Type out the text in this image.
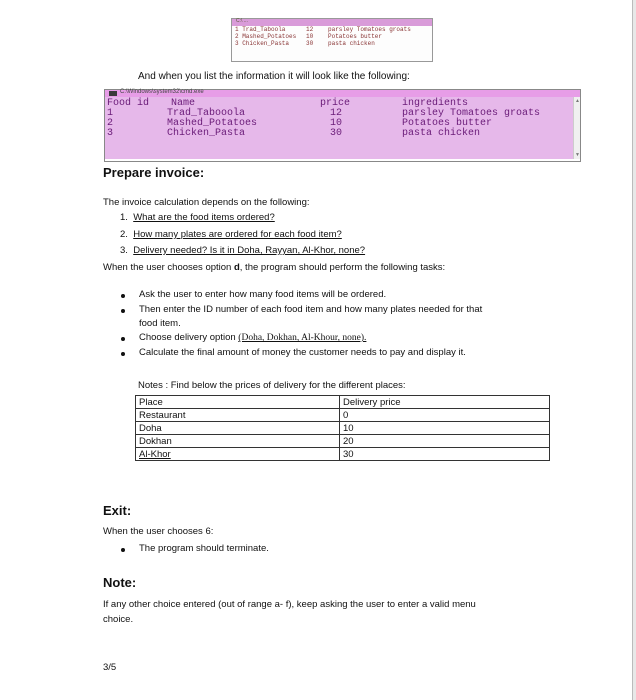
C:\ ...
1 Trad_Taboola	12 parsley Tomatoes groats
2 Mashed_Potatoes 10 Potatoes butter
3 Chicken_Pasta	30 pasta chicken
And when you list the information it will look like the following:
C:\Windows\system32\cmd.exe
Food id Name	price	ingredients
1	Trad_Tabooola	12	parsley Tomatoes groats
2	Mashed_Potatoes	10	Potatoes butter
3	Chicken_Pasta	30	pasta chicken
▲
▼
Prepare invoice:
The invoice calculation depends on the following:
1. What are the food items ordered?
2. How many plates are ordered for each food item?
3. Delivery needed? Is it in Doha, Rayyan, Al-Khor, none?
When the user chooses option d, the program should perform the following tasks:
Ask the user to enter how many food items will be ordered.
Then enter the ID number of each food item and how many plates needed for that
food item.
Choose delivery option (Doha, Dokhan, Al-Khour, none).
Calculate the final amount of money the customer needs to pay and display it.
Notes : Find below the prices of delivery for the different places:
Place	Delivery price
Restaurant	0
Doha	10
Dokhan	20
Al-Khor	30
Exit:
When the user chooses 6:
The program should terminate.
Note:
If any other choice entered (out of range a- f), keep asking the user to enter a valid menu
choice.
3/5
